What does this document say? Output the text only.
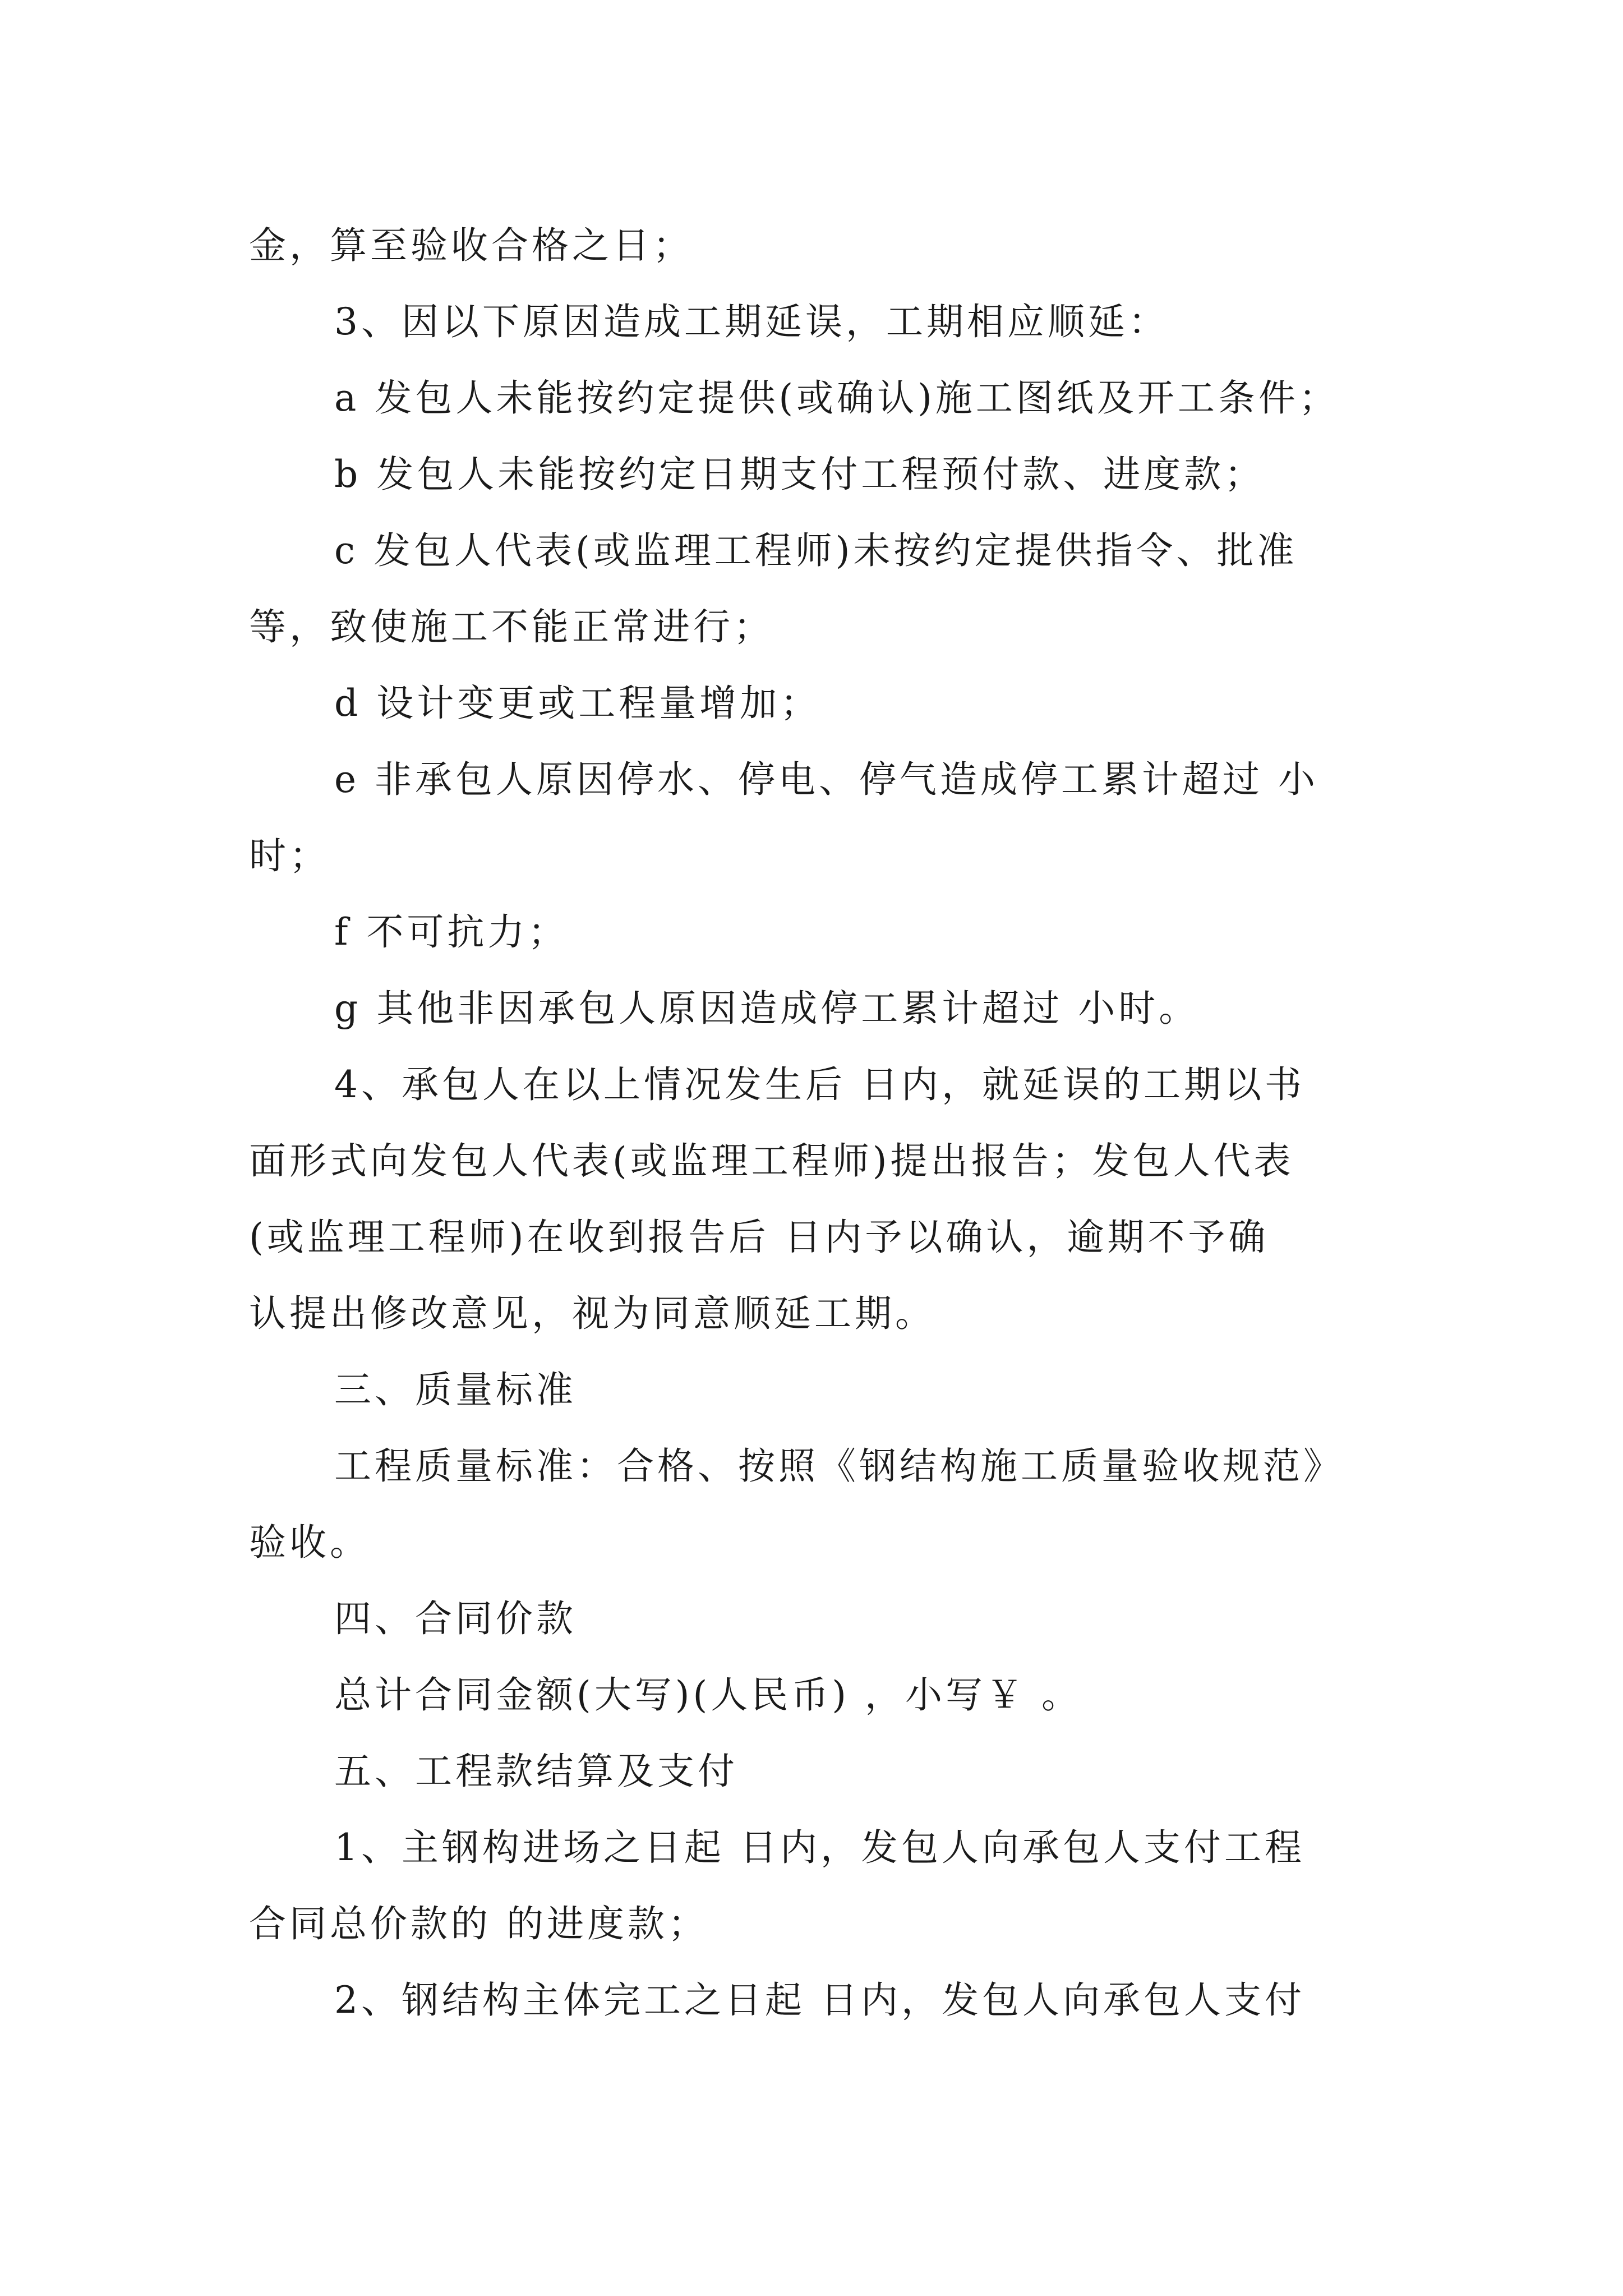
金，算至验收合格之日；
3、因以下原因造成工期延误，工期相应顺延：
a 发包人未能按约定提供(或确认)施工图纸及开工条件；
b 发包人未能按约定日期支付工程预付款、进度款；
c 发包人代表(或监理工程师)未按约定提供指令、批准
等，致使施工不能正常进行；
d 设计变更或工程量增加；
e 非承包人原因停水、停电、停气造成停工累计超过 小
时；
f 不可抗力；
g 其他非因承包人原因造成停工累计超过 小时。
4、承包人在以上情况发生后 日内，就延误的工期以书
面形式向发包人代表(或监理工程师)提出报告；发包人代表
(或监理工程师)在收到报告后 日内予以确认，逾期不予确
认提出修改意见，视为同意顺延工期。
三、质量标准
工程质量标准：合格、按照《钢结构施工质量验收规范》
验收。
四、合同价款
总计合同金额(大写)(人民币) ，小写￥ 。
五、工程款结算及支付
1、主钢构进场之日起 日内，发包人向承包人支付工程
合同总价款的 的进度款；
2、钢结构主体完工之日起 日内，发包人向承包人支付
